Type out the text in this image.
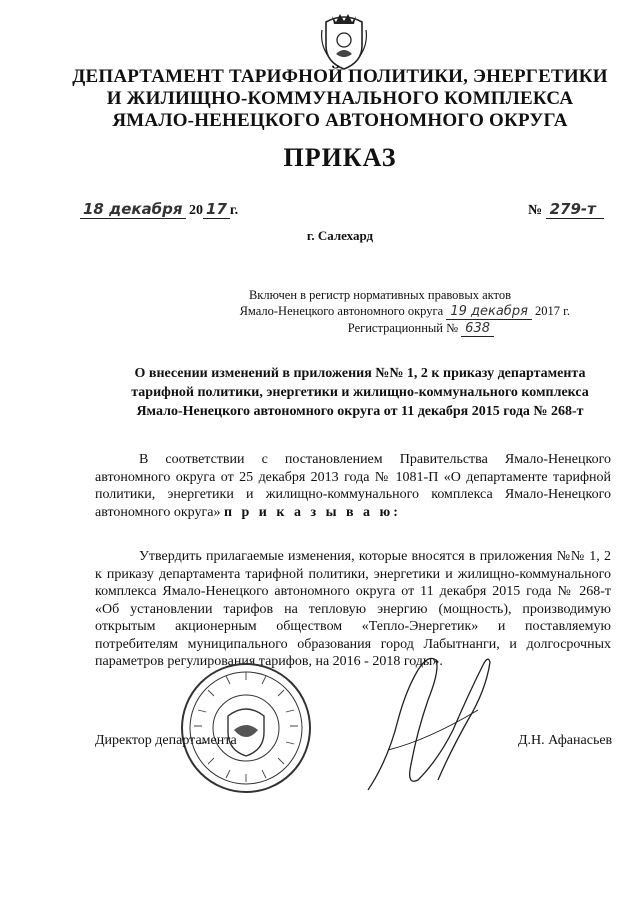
ДЕПАРТАМЕНТ ТАРИФНОЙ ПОЛИТИКИ, ЭНЕРГЕТИКИ
И ЖИЛИЩНО-КОММУНАЛЬНОГО КОМПЛЕКСА
ЯМАЛО-НЕНЕЦКОГО АВТОНОМНОГО ОКРУГА
ПРИКАЗ
18 декабря 20 17 г.	№ 279-т
г. Салехард
Включен в регистр нормативных правовых актов
Ямало-Ненецкого автономного округа 19 декабря 2017 г.
Регистрационный № 638
О внесении изменений в приложения №№ 1, 2 к приказу департамента
тарифной политики, энергетики и жилищно-коммунального комплекса
Ямало-Ненецкого автономного округа от 11 декабря 2015 года № 268-т
В соответствии с постановлением Правительства Ямало-Ненецкого автономного округа от 25 декабря 2013 года № 1081-П «О департаменте тарифной политики, энергетики и жилищно-коммунального комплекса Ямало-Ненецкого автономного округа» п р и к а з ы в а ю:
Утвердить прилагаемые изменения, которые вносятся в приложения №№ 1, 2 к приказу департамента тарифной политики, энергетики и жилищно-коммунального комплекса Ямало-Ненецкого автономного округа от 11 декабря 2015 года № 268-т «Об установлении тарифов на тепловую энергию (мощность), производимую открытым акционерным обществом «Тепло-Энергетик» и поставляемую потребителям муниципального образования город Лабытнанги, и долгосрочных параметров регулирования тарифов, на 2016 - 2018 годы».
Директор департамента	Д.Н. Афанасьев
